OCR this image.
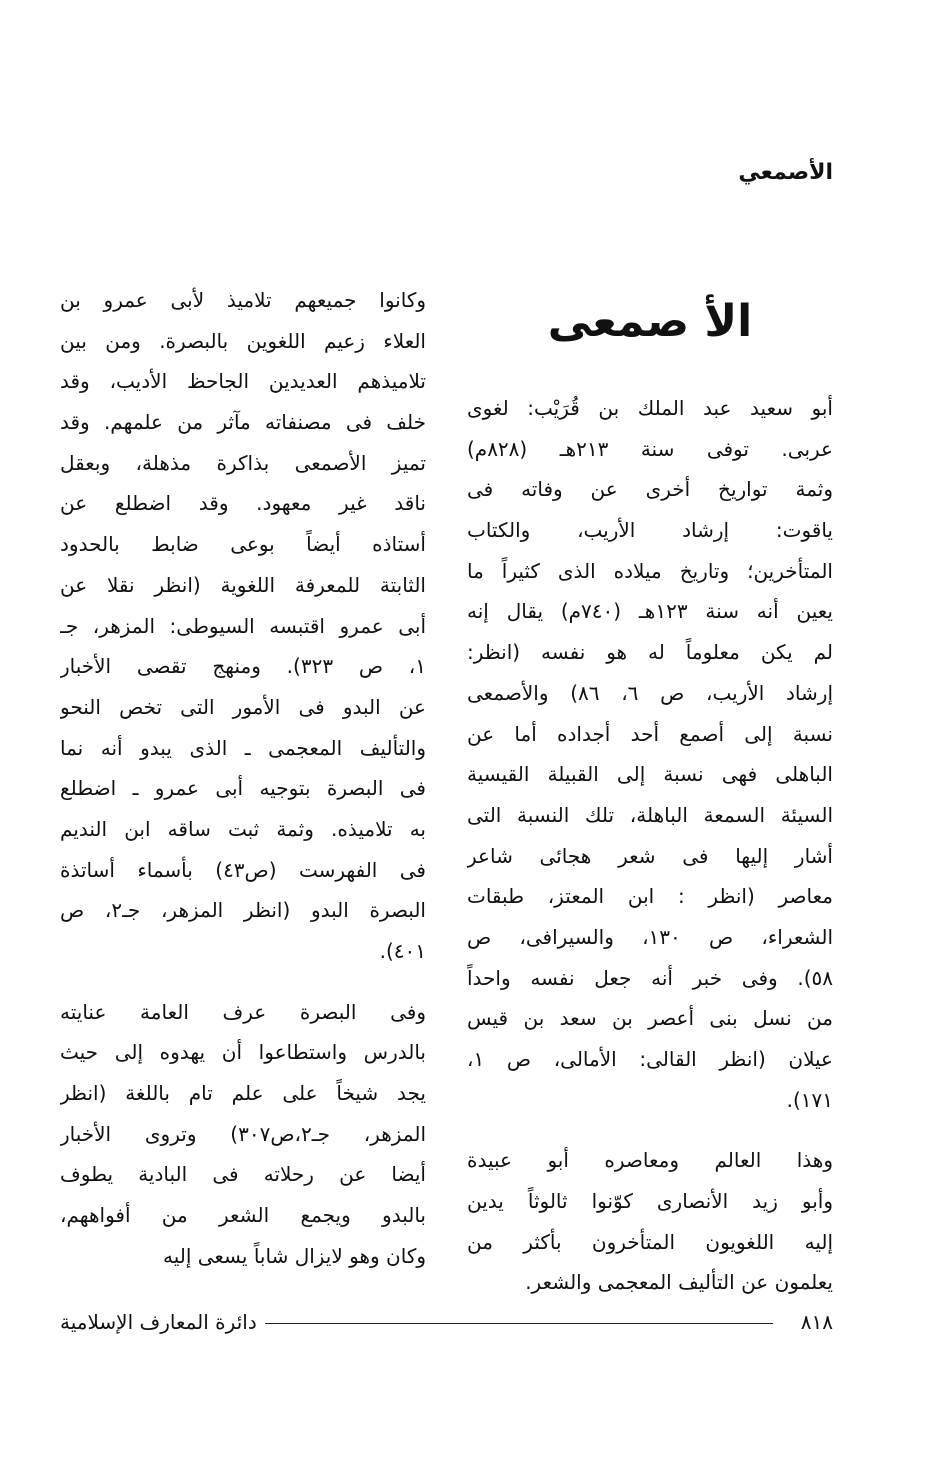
الأصمعي

الأ صمعى
أبو سعيد عبد الملك بن قُرَيْب: لغوى
عربى. توفى سنة ٢١٣هـ (٨٢٨م)
وثمة تواريخ أخرى عن وفاته فى
ياقوت: إرشاد الأريب، والكتاب
المتأخرين؛ وتاريخ ميلاده الذى كثيراً ما
يعين أنه سنة ١٢٣هـ (٧٤٠م) يقال إنه
لم يكن معلوماً له هو نفسه (انظر:
إرشاد الأريب، ص ٦، ٨٦) والأصمعى
نسبة إلى أصمع أحد أجداده أما عن
الباهلى فهى نسبة إلى القبيلة القيسية
السيئة السمعة الباهلة، تلك النسبة التى
أشار إليها فى شعر هجائى شاعر
معاصر (انظر : ابن المعتز، طبقات
الشعراء، ص ١٣٠، والسيرافى، ص
٥٨). وفى خبر أنه جعل نفسه واحداً
من نسل بنى أعصر بن سعد بن قيس
عيلان (انظر القالى: الأمالى، ص ١،
١٧١).
وهذا العالم ومعاصره أبو عبيدة
وأبو زيد الأنصارى كوّنوا ثالوثاً يدين
إليه اللغويون المتأخرون بأكثر من
يعلمون عن التأليف المعجمى والشعر.
وكانوا جميعهم تلاميذ لأبى عمرو بن
العلاء زعيم اللغوين بالبصرة. ومن بين
تلاميذهم العديدين الجاحظ الأديب، وقد
خلف فى مصنفاته مآثر من علمهم. وقد
تميز الأصمعى بذاكرة مذهلة، وبعقل
ناقد غير معهود. وقد اضطلع عن
أستاذه أيضاً بوعى ضابط بالحدود
الثابتة للمعرفة اللغوية (انظر نقلا عن
أبى عمرو اقتبسه السيوطى: المزهر، جـ
١، ص ٣٢٣). ومنهج تقصى الأخبار
عن البدو فى الأمور التى تخص النحو
والتأليف المعجمى ـ الذى يبدو أنه نما
فى البصرة بتوجيه أبى عمرو ـ اضطلع
به تلاميذه. وثمة ثبت ساقه ابن النديم
فى الفهرست (ص٤٣) بأسماء أساتذة
البصرة البدو (انظر المزهر، جـ٢، ص
٤٠١).
وفى البصرة عرف العامة عنايته
بالدرس واستطاعوا أن يهدوه إلى حيث
يجد شيخاً على علم تام باللغة (انظر
المزهر، جـ٢،ص٣٠٧) وتروى الأخبار
أيضا عن رحلاته فى البادية يطوف
بالبدو ويجمع الشعر من أفواههم،
وكان وهو لايزال شاباً يسعى إليه
دائرة المعارف الإسلامية	٨١٨
